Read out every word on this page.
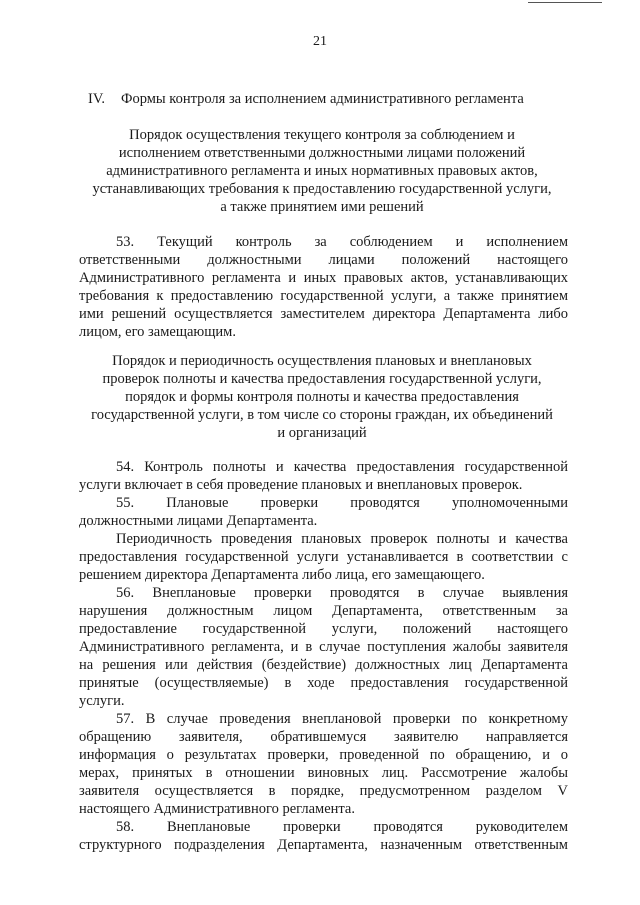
21
IV. Формы контроля за исполнением административного регламента
Порядок осуществления текущего контроля за соблюдением и
исполнением ответственными должностными лицами положений
административного регламента и иных нормативных правовых актов,
устанавливающих требования к предоставлению государственной услуги,
а также принятием ими решений
53. Текущий контроль за соблюдением и исполнением
ответственными должностными лицами положений настоящего
Административного регламента и иных правовых актов, устанавливающих
требования к предоставлению государственной услуги, а также принятием
ими решений осуществляется заместителем директора Департамента либо
лицом, его замещающим.
Порядок и периодичность осуществления плановых и внеплановых
проверок полноты и качества предоставления государственной услуги,
порядок и формы контроля полноты и качества предоставления
государственной услуги, в том числе со стороны граждан, их объединений
и организаций
54. Контроль полноты и качества предоставления государственной
услуги включает в себя проведение плановых и внеплановых проверок.
55. Плановые проверки проводятся уполномоченными
должностными лицами Департамента.
Периодичность проведения плановых проверок полноты и качества
предоставления государственной услуги устанавливается в соответствии с
решением директора Департамента либо лица, его замещающего.
56. Внеплановые проверки проводятся в случае выявления
нарушения должностным лицом Департамента, ответственным за
предоставление государственной услуги, положений настоящего
Административного регламента, и в случае поступления жалобы заявителя
на решения или действия (бездействие) должностных лиц Департамента
принятые (осуществляемые) в ходе предоставления государственной
услуги.
57. В случае проведения внеплановой проверки по конкретному
обращению заявителя, обратившемуся заявителю направляется
информация о результатах проверки, проведенной по обращению, и о
мерах, принятых в отношении виновных лиц. Рассмотрение жалобы
заявителя осуществляется в порядке, предусмотренном разделом V
настоящего Административного регламента.
58. Внеплановые проверки проводятся руководителем
структурного подразделения Департамента, назначенным ответственным
